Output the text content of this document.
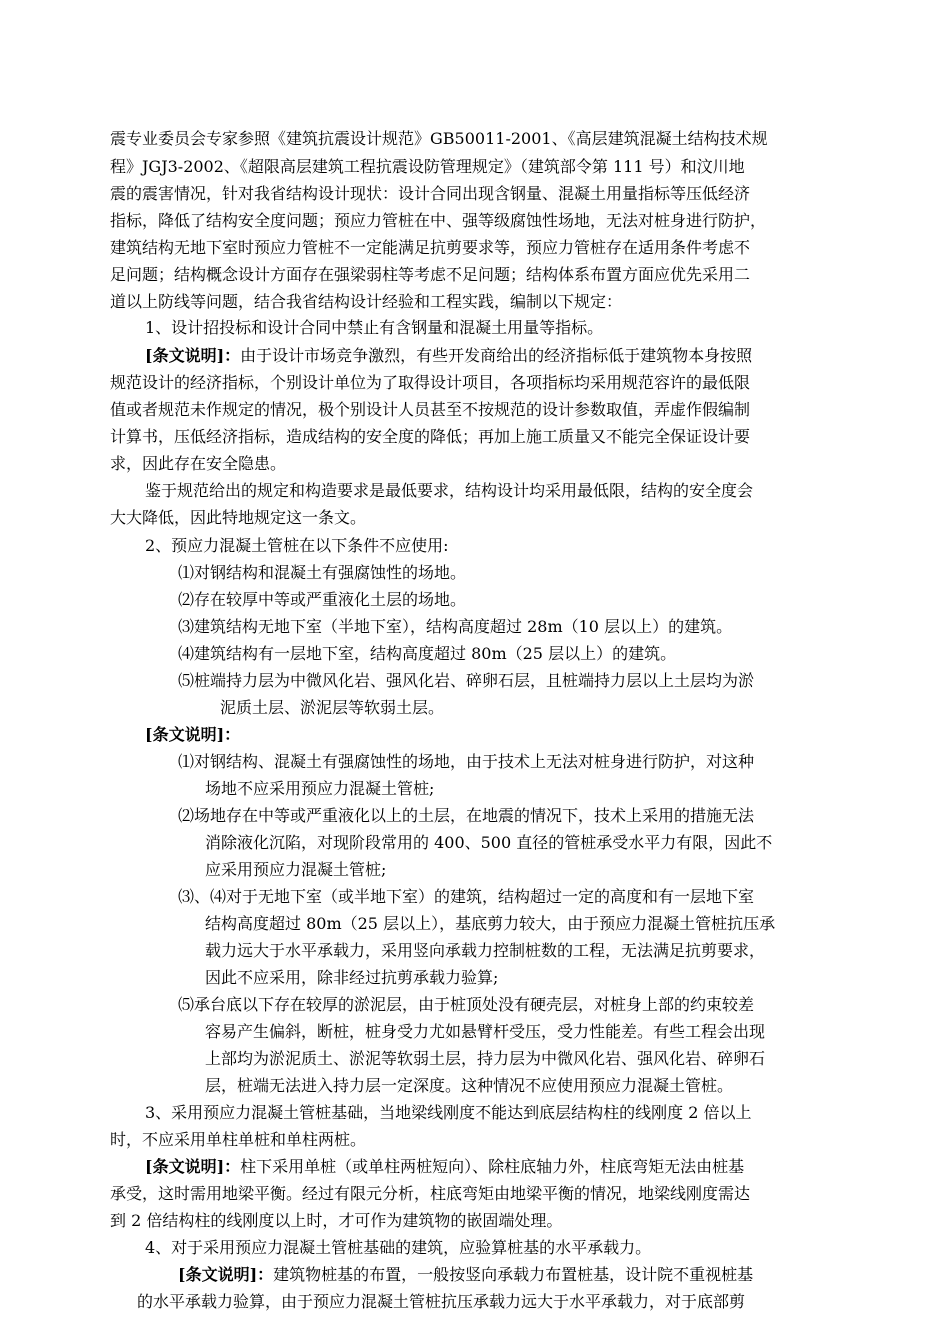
震专业委员会专家参照《建筑抗震设计规范》GB50011-2001、《高层建筑混凝土结构技术规
程》JGJ3-2002、《超限高层建筑工程抗震设防管理规定》（建筑部令第 111 号）和汶川地
震的震害情况，针对我省结构设计现状：设计合同出现含钢量、混凝土用量指标等压低经济
指标，降低了结构安全度问题；预应力管桩在中、强等级腐蚀性场地，无法对桩身进行防护，
建筑结构无地下室时预应力管桩不一定能满足抗剪要求等，预应力管桩存在适用条件考虑不
足问题；结构概念设计方面存在强梁弱柱等考虑不足问题；结构体系布置方面应优先采用二
道以上防线等问题，结合我省结构设计经验和工程实践，编制以下规定：
1、设计招投标和设计合同中禁止有含钢量和混凝土用量等指标。
[条文说明]：由于设计市场竞争激烈，有些开发商给出的经济指标低于建筑物本身按照
规范设计的经济指标，个别设计单位为了取得设计项目，各项指标均采用规范容许的最低限
值或者规范未作规定的情况，极个别设计人员甚至不按规范的设计参数取值，弄虚作假编制
计算书，压低经济指标，造成结构的安全度的降低；再加上施工质量又不能完全保证设计要
求，因此存在安全隐患。
鉴于规范给出的规定和构造要求是最低要求，结构设计均采用最低限，结构的安全度会
大大降低，因此特地规定这一条文。
2、预应力混凝土管桩在以下条件不应使用:
⑴对钢结构和混凝土有强腐蚀性的场地。
⑵存在较厚中等或严重液化土层的场地。
⑶建筑结构无地下室（半地下室），结构高度超过 28m（10 层以上）的建筑。
⑷建筑结构有一层地下室，结构高度超过 80m（25 层以上）的建筑。
⑸桩端持力层为中微风化岩、强风化岩、碎卵石层，且桩端持力层以上土层均为淤
泥质土层、淤泥层等软弱土层。
[条文说明]：
⑴对钢结构、混凝土有强腐蚀性的场地，由于技术上无法对桩身进行防护，对这种
场地不应采用预应力混凝土管桩;
⑵场地存在中等或严重液化以上的土层，在地震的情况下，技术上采用的措施无法
消除液化沉陷，对现阶段常用的 400、500 直径的管桩承受水平力有限，因此不
应采用预应力混凝土管桩;
⑶、⑷对于无地下室（或半地下室）的建筑，结构超过一定的高度和有一层地下室
结构高度超过 80m（25 层以上），基底剪力较大，由于预应力混凝土管桩抗压承
载力远大于水平承载力，采用竖向承载力控制桩数的工程，无法满足抗剪要求，
因此不应采用，除非经过抗剪承载力验算;
⑸承台底以下存在较厚的淤泥层，由于桩顶处没有硬壳层，对桩身上部的约束较差
容易产生偏斜，断桩，桩身受力尤如悬臂杆受压，受力性能差。有些工程会出现
上部均为淤泥质土、淤泥等软弱土层，持力层为中微风化岩、强风化岩、碎卵石
层，桩端无法进入持力层一定深度。这种情况不应使用预应力混凝土管桩。
3、采用预应力混凝土管桩基础，当地梁线刚度不能达到底层结构柱的线刚度 2 倍以上
时，不应采用单柱单桩和单柱两桩。
[条文说明]：柱下采用单桩（或单柱两桩短向）、除柱底轴力外，柱底弯矩无法由桩基
承受，这时需用地梁平衡。经过有限元分析，柱底弯矩由地梁平衡的情况，地梁线刚度需达
到 2 倍结构柱的线刚度以上时，才可作为建筑物的嵌固端处理。
4、对于采用预应力混凝土管桩基础的建筑，应验算桩基的水平承载力。
[条文说明]：建筑物桩基的布置，一般按竖向承载力布置桩基，设计院不重视桩基
的水平承载力验算，由于预应力混凝土管桩抗压承载力远大于水平承载力，对于底部剪
